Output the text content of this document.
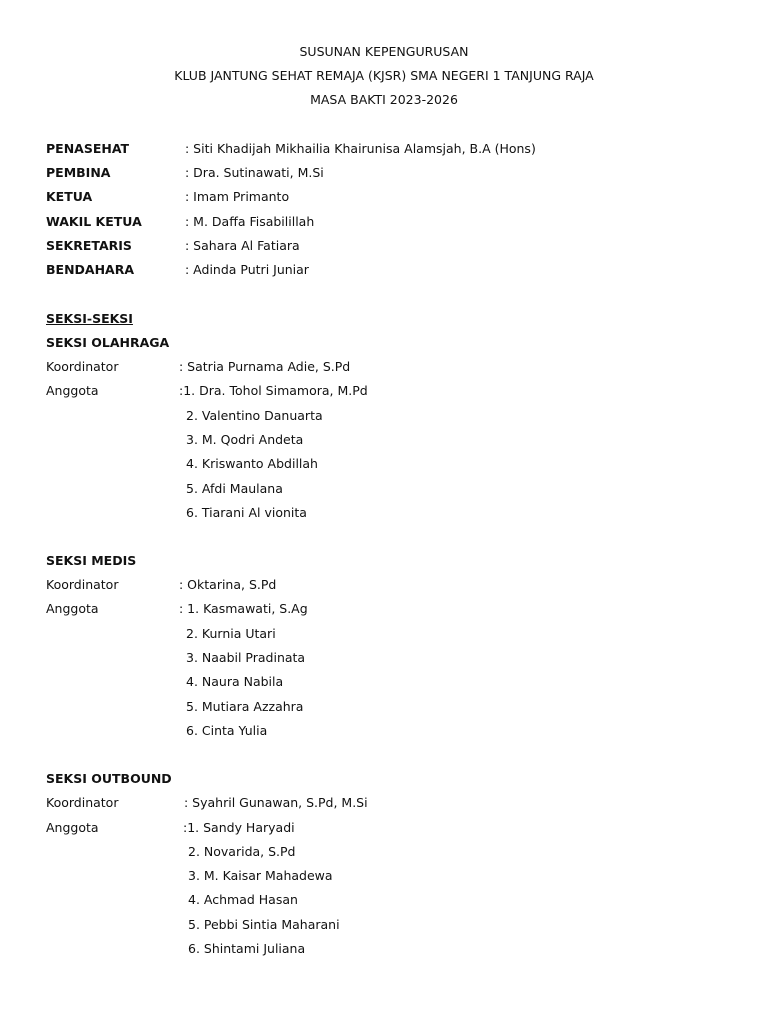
SUSUNAN KEPENGURUSAN
KLUB JANTUNG SEHAT REMAJA (KJSR) SMA NEGERI 1 TANJUNG RAJA
MASA BAKTI 2023-2026
PENASEHAT	: Siti Khadijah Mikhailia Khairunisa Alamsjah, B.A (Hons)
PEMBINA	: Dra. Sutinawati, M.Si
KETUA	: Imam Primanto
WAKIL KETUA	: M. Daffa Fisabilillah
SEKRETARIS	: Sahara Al Fatiara
BENDAHARA	: Adinda Putri Juniar
SEKSI-SEKSI
SEKSI OLAHRAGA
Koordinator	: Satria Purnama Adie, S.Pd
Anggota	:1. Dra. Tohol Simamora, M.Pd
2. Valentino Danuarta
3. M. Qodri Andeta
4. Kriswanto Abdillah
5. Afdi Maulana
6. Tiarani Al vionita
SEKSI MEDIS
Koordinator	: Oktarina, S.Pd
Anggota	: 1. Kasmawati, S.Ag
2. Kurnia Utari
3. Naabil Pradinata
4. Naura Nabila
5. Mutiara Azzahra
6. Cinta Yulia
SEKSI OUTBOUND
Koordinator	: Syahril Gunawan, S.Pd, M.Si
Anggota	:1. Sandy Haryadi
2. Novarida, S.Pd
3. M. Kaisar Mahadewa
4. Achmad Hasan
5. Pebbi Sintia Maharani
6. Shintami Juliana
